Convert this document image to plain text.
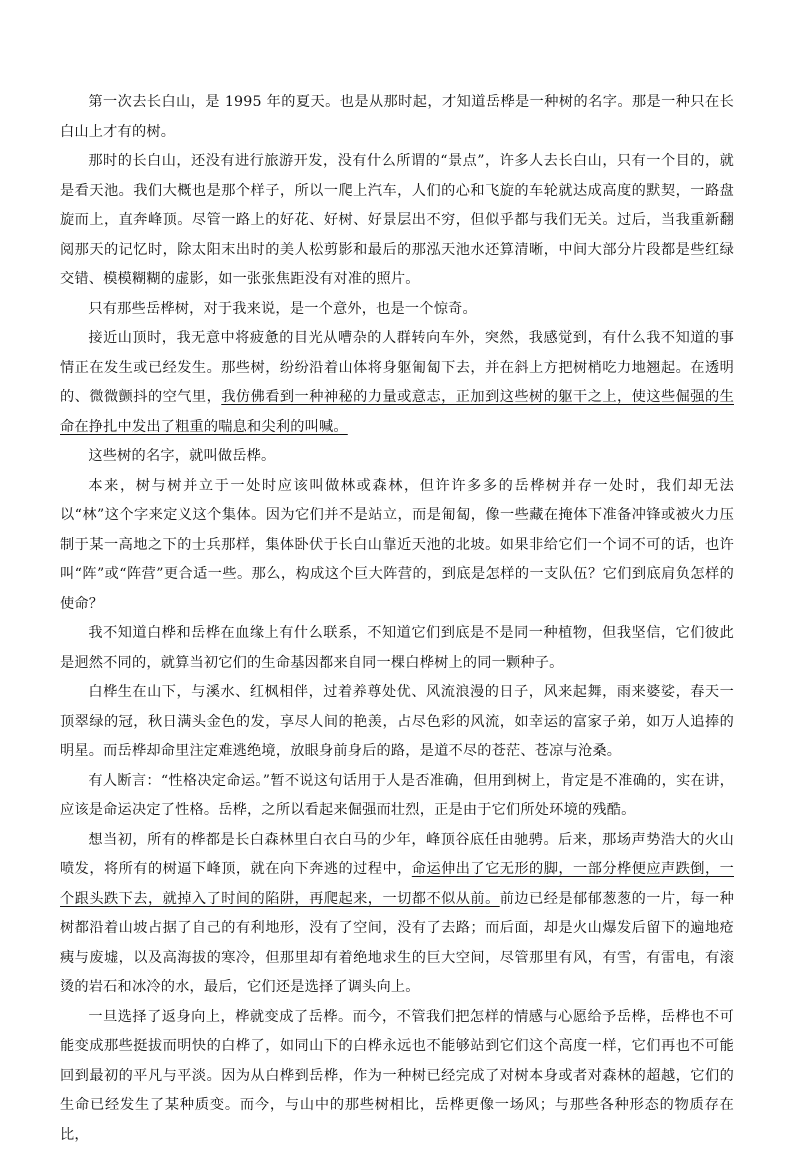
第一次去长白山，是 1995 年的夏天。也是从那时起，才知道岳桦是一种树的名字。那是一种只在长白山上才有的树。

那时的长白山，还没有进行旅游开发，没有什么所谓的“景点”，许多人去长白山，只有一个目的，就是看天池。我们大概也是那个样子，所以一爬上汽车，人们的心和飞旋的车轮就达成高度的默契，一路盘旋而上，直奔峰顶。尽管一路上的好花、好树、好景层出不穷，但似乎都与我们无关。过后，当我重新翻阅那天的记忆时，除太阳末出时的美人松剪影和最后的那泓天池水还算清晰，中间大部分片段都是些红绿交错、模模糊糊的虚影，如一张张焦距没有对准的照片。

只有那些岳桦树，对于我来说，是一个意外，也是一个惊奇。

接近山顶时，我无意中将疲惫的目光从嘈杂的人群转向车外，突然，我感觉到，有什么我不知道的事情正在发生或已经发生。那些树，纷纷沿着山体将身躯匍匐下去，并在斜上方把树梢吃力地翘起。在透明的、微微颤抖的空气里，我仿佛看到一种神秘的力量或意志，正加到这些树的躯干之上，使这些倔强的生命在挣扎中发出了粗重的喘息和尖利的叫喊。

这些树的名字，就叫做岳桦。

本来，树与树并立于一处时应该叫做林或森林，但许许多多的岳桦树并存一处时，我们却无法以“林”这个字来定义这个集体。因为它们并不是站立，而是匍匐，像一些藏在掩体下准备冲锋或被火力压制于某一高地之下的士兵那样，集体卧伏于长白山靠近天池的北坡。如果非给它们一个词不可的话，也许叫“阵”或“阵营”更合适一些。那么，构成这个巨大阵营的，到底是怎样的一支队伍？它们到底肩负怎样的使命？

我不知道白桦和岳桦在血缘上有什么联系，不知道它们到底是不是同一种植物，但我坚信，它们彼此是迥然不同的，就算当初它们的生命基因都来自同一棵白桦树上的同一颗种子。

白桦生在山下，与溪水、红枫相伴，过着养尊处优、风流浪漫的日子，风来起舞，雨来婆娑，春天一顶翠绿的冠，秋日满头金色的发，享尽人间的艳羡，占尽色彩的风流，如幸运的富家子弟，如万人追捧的明星。而岳桦却命里注定难逃绝境，放眼身前身后的路，是道不尽的苍茫、苍凉与沧桑。

有人断言：“性格决定命运。”暂不说这句话用于人是否准确，但用到树上，肯定是不准确的，实在讲，应该是命运决定了性格。岳桦，之所以看起来倔强而壮烈，正是由于它们所处环境的残酷。

想当初，所有的桦都是长白森林里白衣白马的少年，峰顶谷底任由驰骋。后来，那场声势浩大的火山喷发，将所有的树逼下峰顶，就在向下奔逃的过程中，命运伸出了它无形的脚，一部分桦便应声跌倒，一个跟头跌下去，就掉入了时间的陷阱，再爬起来，一切都不似从前。前边已经是郁郁葱葱的一片，每一种树都沿着山坡占据了自己的有利地形，没有了空间，没有了去路；而后面，却是火山爆发后留下的遍地疮痍与废墟，以及高海拔的寒冷，但那里却有着绝地求生的巨大空间，尽管那里有风，有雪，有雷电，有滚烫的岩石和冰冷的水，最后，它们还是选择了调头向上。

一旦选择了返身向上，桦就变成了岳桦。而今，不管我们把怎样的情感与心愿给予岳桦，岳桦也不可能变成那些挺拔而明快的白桦了，如同山下的白桦永远也不能够站到它们这个高度一样，它们再也不可能回到最初的平凡与平淡。因为从白桦到岳桦，作为一种树已经完成了对树本身或者对森林的超越，它们的生命已经发生了某种质变。而今，与山中的那些树相比，岳桦更像一场风；与那些各种形态的物质存在比，
